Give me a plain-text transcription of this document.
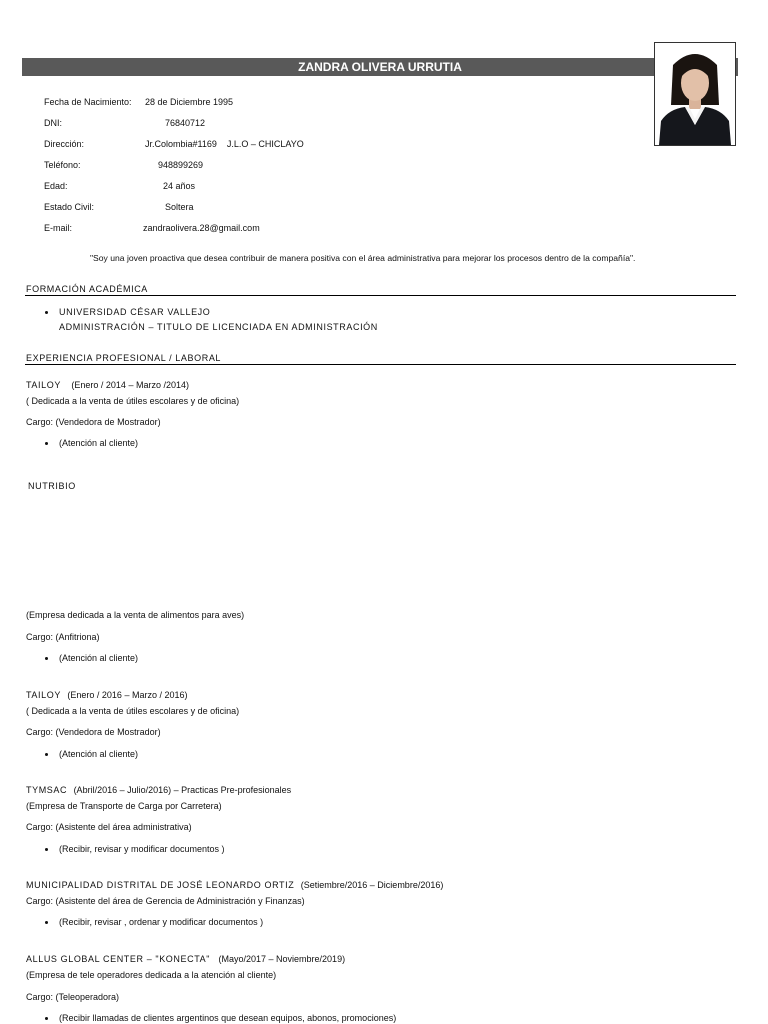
ZANDRA OLIVERA URRUTIA
Fecha de Nacimiento: 28 de Diciembre 1995
DNI:	76840712
Dirección:	Jr.Colombia#1169    J.L.O – CHICLAYO
Teléfono:	948899269
Edad:	24 años
Estado Civil:	Soltera
E-mail:	zandraolivera.28@gmail.com
"Soy una joven proactiva que desea contribuir de manera positiva con el área administrativa para mejorar los procesos dentro de la compañía".
FORMACIÓN ACADÉMICA
UNIVERSIDAD CÉSAR VALLEJO
ADMINISTRACIÓN – TITULO DE LICENCIADA EN ADMINISTRACIÓN
EXPERIENCIA PROFESIONAL / LABORAL
TAILOY (Enero / 2014 – Marzo /2014)
( Dedicada a la venta de útiles escolares y de oficina)
Cargo: (Vendedora de Mostrador)
(Atención al cliente)
NUTRIBIO
(Empresa dedicada a la venta de alimentos para aves)
Cargo: (Anfitriona)
(Atención al cliente)
TAILOY (Enero / 2016 – Marzo / 2016)
( Dedicada a la venta de útiles escolares y de oficina)
Cargo: (Vendedora de Mostrador)
(Atención al cliente)
TYMSAC (Abril/2016 – Julio/2016) – Practicas Pre-profesionales
(Empresa de Transporte de Carga por Carretera)
Cargo: (Asistente del área administrativa)
(Recibir, revisar y modificar documentos )
MUNICIPALIDAD DISTRITAL DE JOSÉ LEONARDO ORTIZ (Setiembre/2016 – Diciembre/2016)
Cargo: (Asistente del área de Gerencia de Administración y Finanzas)
(Recibir, revisar , ordenar y modificar documentos )
ALLUS GLOBAL CENTER – "KONECTA" (Mayo/2017 – Noviembre/2019)
(Empresa de tele operadores dedicada a la atención al cliente)
Cargo: (Teleoperadora)
(Recibir llamadas de clientes argentinos que desean equipos, abonos, promociones)
